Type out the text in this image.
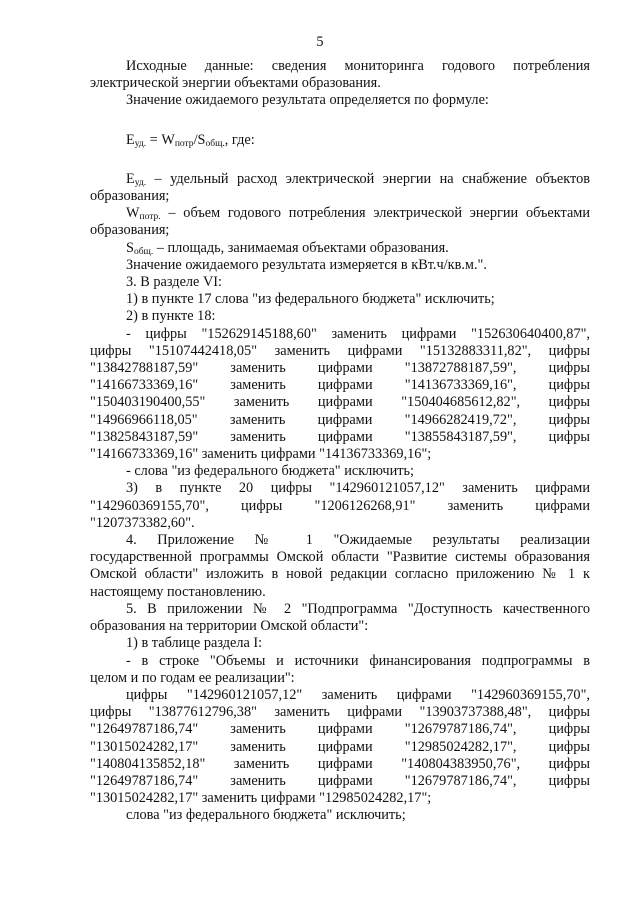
5

Исходные данные: сведения мониторинга годового потребления

электрической энергии объектами образования.

Значение ожидаемого результата определяется по формуле:

$Е_{уд.} = W_{потр}/S_{общ.}$, где:

$Е_{уд.}$ – удельный расход электрической энергии на снабжение объектов

образования;

$W_{потр.}$ – объем годового потребления электрической энергии объектами

образования;

$S_{общ.}$ – площадь, занимаемая объектами образования.

Значение ожидаемого результата измеряется в кВт.ч/кв.м.".

3. В разделе VI:

1) в пункте 17 слова "из федерального бюджета" исключить;

2) в пункте 18:

- цифры "152629145188,60" заменить цифрами "152630640400,87",

цифры "15107442418,05" заменить цифрами "15132883311,82", цифры

"13842788187,59" заменить цифрами "13872788187,59", цифры
"14166733369,16" заменить цифрами "14136733369,16", цифры
"150403190400,55" заменить цифрами "150404685612,82", цифры
"14966966118,05" заменить цифрами "14966282419,72", цифры
"13825843187,59" заменить цифрами "13855843187,59", цифры

"14166733369,16" заменить цифрами "14136733369,16";

- слова "из федерального бюджета" исключить;

3) в пункте 20 цифры "142960121057,12" заменить цифрами

"142960369155,70", цифры "1206126268,91" заменить цифрами

"1207373382,60".

4. Приложение № 1 "Ожидаемые результаты реализации

государственной программы Омской области "Развитие системы образования

Омской области" изложить в новой редакции согласно приложению № 1 к

настоящему постановлению.

5. В приложении № 2 "Подпрограмма "Доступность качественного

образования на территории Омской области":

1) в таблице раздела I:

- в строке "Объемы и источники финансирования подпрограммы в

целом и по годам ее реализации":

цифры "142960121057,12" заменить цифрами "142960369155,70",

цифры "13877612796,38" заменить цифрами "13903737388,48", цифры

"12649787186,74" заменить цифрами "12679787186,74", цифры
"13015024282,17" заменить цифрами "12985024282,17", цифры
"140804135852,18" заменить цифрами "140804383950,76", цифры
"12649787186,74" заменить цифрами "12679787186,74", цифры

"13015024282,17" заменить цифрами "12985024282,17";

слова "из федерального бюджета" исключить;
